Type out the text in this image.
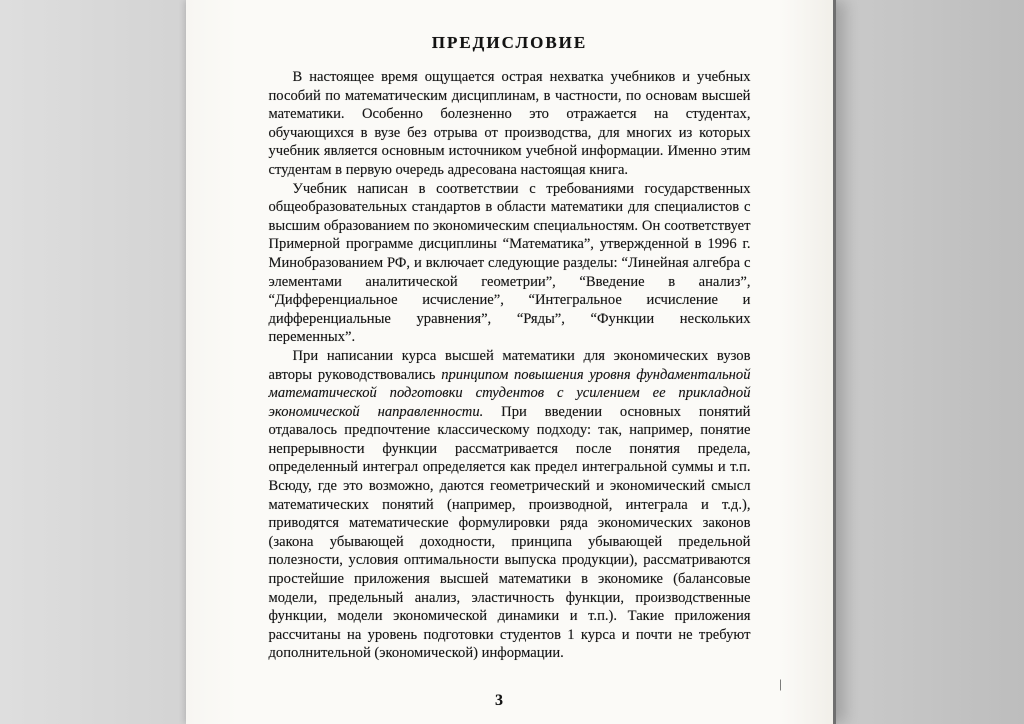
ПРЕДИСЛОВИЕ

В настоящее время ощущается острая нехватка учебников и учебных пособий по математическим дисциплинам, в частности, по основам высшей математики. Особенно болезненно это отражается на студентах, обучающихся в вузе без отрыва от производства, для многих из которых учебник является основным источником учебной информации. Именно этим студентам в первую очередь адресована настоящая книга.

Учебник написан в соответствии с требованиями государственных общеобразовательных стандартов в области математики для специалистов с высшим образованием по экономическим специальностям. Он соответствует Примерной программе дисциплины “Математика”, утвержденной в 1996 г. Минобразованием РФ, и включает следующие разделы: “Линейная алгебра с элементами аналитической геометрии”, “Введение в анализ”, “Дифференциальное исчисление”, “Интегральное исчисление и дифференциальные уравнения”, “Ряды”, “Функции нескольких переменных”.

При написании курса высшей математики для экономических вузов авторы руководствовались принципом повышения уровня фундаментальной математической подготовки студентов с усилением ее прикладной экономической направленности. При введении основных понятий отдавалось предпочтение классическому подходу: так, например, понятие непрерывности функции рассматривается после понятия предела, определенный интеграл определяется как предел интегральной суммы и т.п. Всюду, где это возможно, даются геометрический и экономический смысл математических понятий (например, производной, интеграла и т.д.), приводятся математические формулировки ряда экономических законов (закона убывающей доходности, принципа убывающей предельной полезности, условия оптимальности выпуска продукции), рассматриваются простейшие приложения высшей математики в экономике (балансовые модели, предельный анализ, эластичность функции, производственные функции, модели экономической динамики и т.п.). Такие приложения рассчитаны на уровень подготовки студентов 1 курса и почти не требуют дополнительной (экономической) информации.

|
3
